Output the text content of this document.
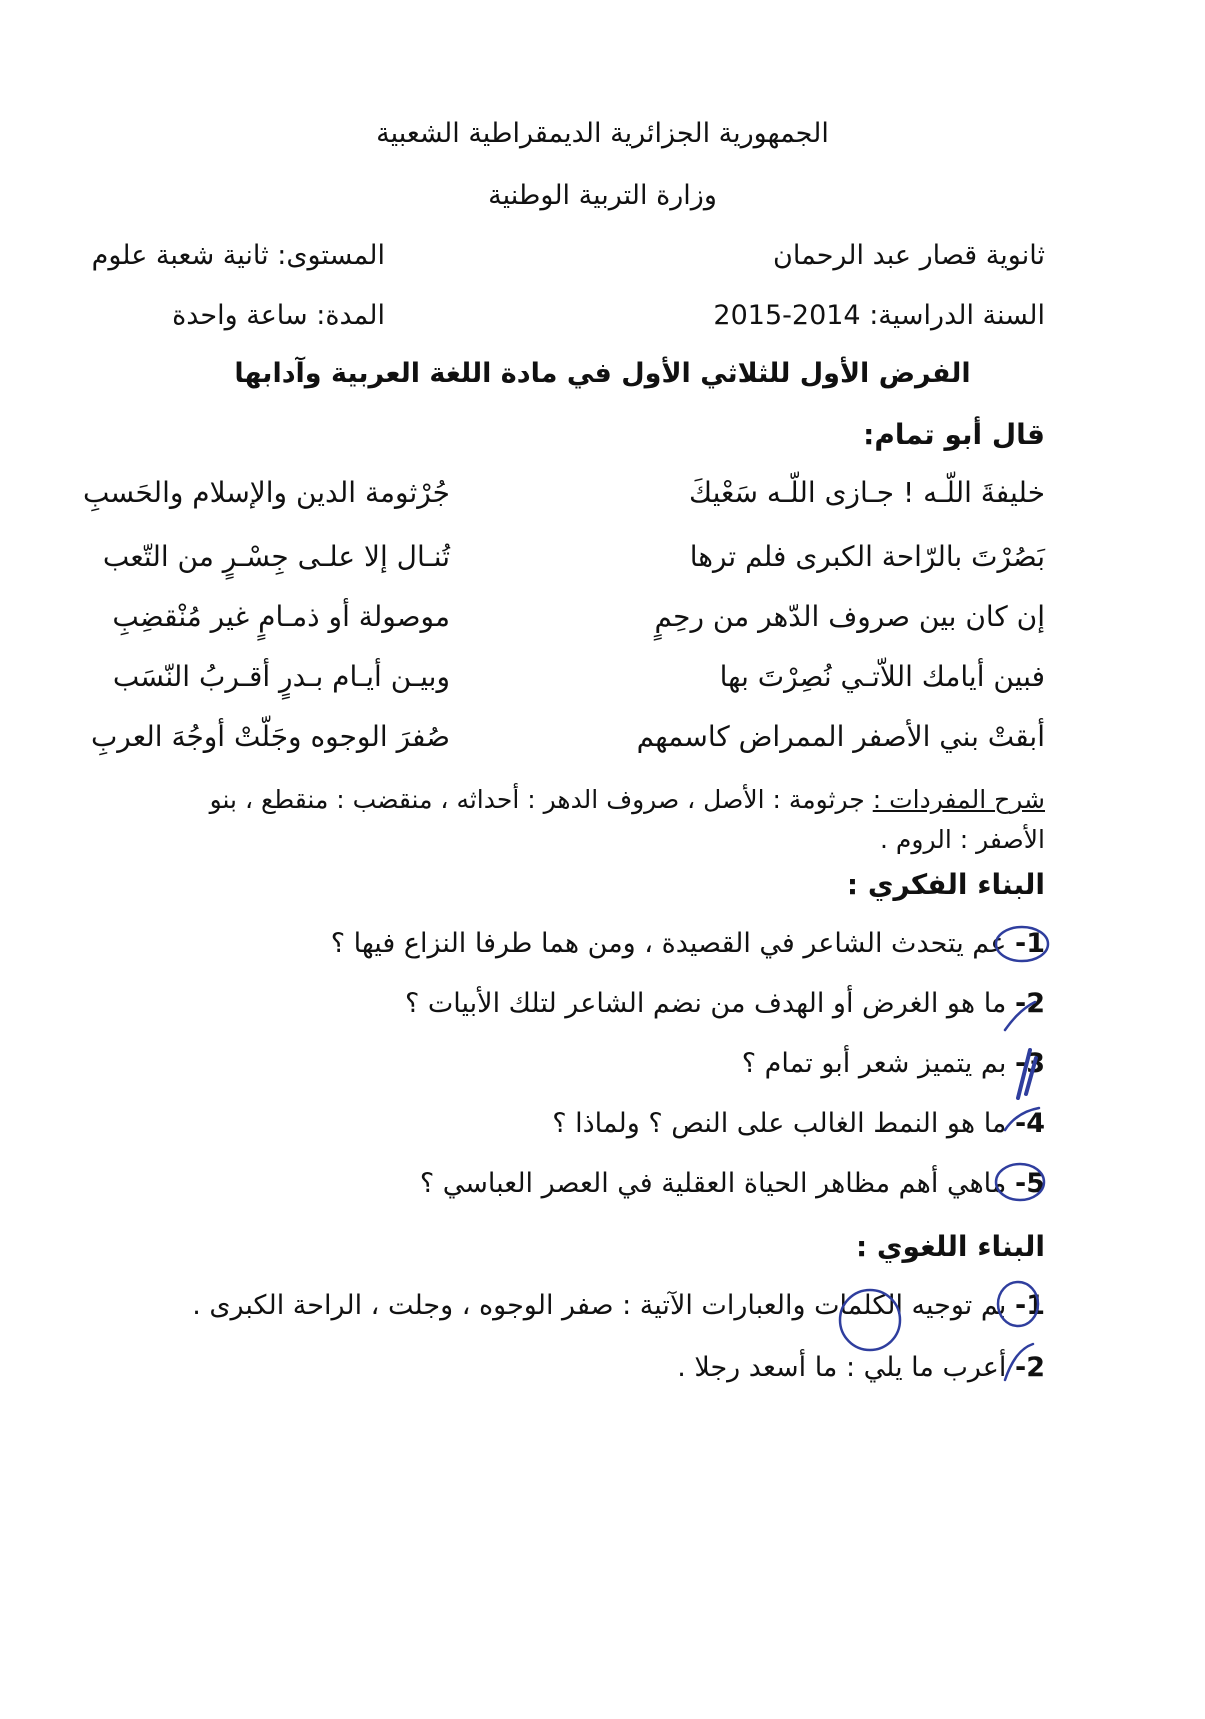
الجمهورية الجزائرية الديمقراطية الشعبية
وزارة التربية الوطنية
ثانوية قصار عبد الرحمان
المستوى: ثانية شعبة علوم
السنة الدراسية: 2014-2015
المدة: ساعة واحدة
الفرض الأول للثلاثي الأول في مادة اللغة العربية وآدابها
قال أبو تمام:
خليفةَ اللّـه ! جـازى اللّـه سَعْيكَ
جُرْثومة الدين والإسلام والحَسبِ
بَصُرْتَ بالرّاحة الكبرى فلم ترها
تُنـال إلا علـى جِسْـرٍ من التّعب
إن كان بين صروف الدّهر من رحِمٍ
موصولة أو ذمـامٍ غير مُنْقضِبِ
فبين أيامك اللاّتـي نُصِرْتَ بها
وبيـن أيـام بـدرٍ أقـربُ النّسَب
أبقتْ بني الأصفر الممراض كاسمهم
صُفرَ الوجوه وجَلّتْ أوجُهَ العربِ
شرح المفردات : جرثومة : الأصل ، صروف الدهر : أحداثه ، منقضب : منقطع ، بنو الأصفر : الروم .
البناء الفكري :
1- عم يتحدث الشاعر في القصيدة ، ومن هما طرفا النزاع فيها ؟
2- ما هو الغرض أو الهدف من نضم الشاعر لتلك الأبيات ؟
3- بم يتميز شعر أبو تمام ؟
4- ما هو النمط الغالب على النص ؟ ولماذا ؟
5- ماهي أهم مظاهر الحياة العقلية في العصر العباسي ؟
البناء اللغوي :
1- بم توجيه الكلمات والعبارات الآتية : صفر الوجوه ، وجلت ، الراحة الكبرى .
2- أعرب ما يلي : ما أسعد رجلا .
